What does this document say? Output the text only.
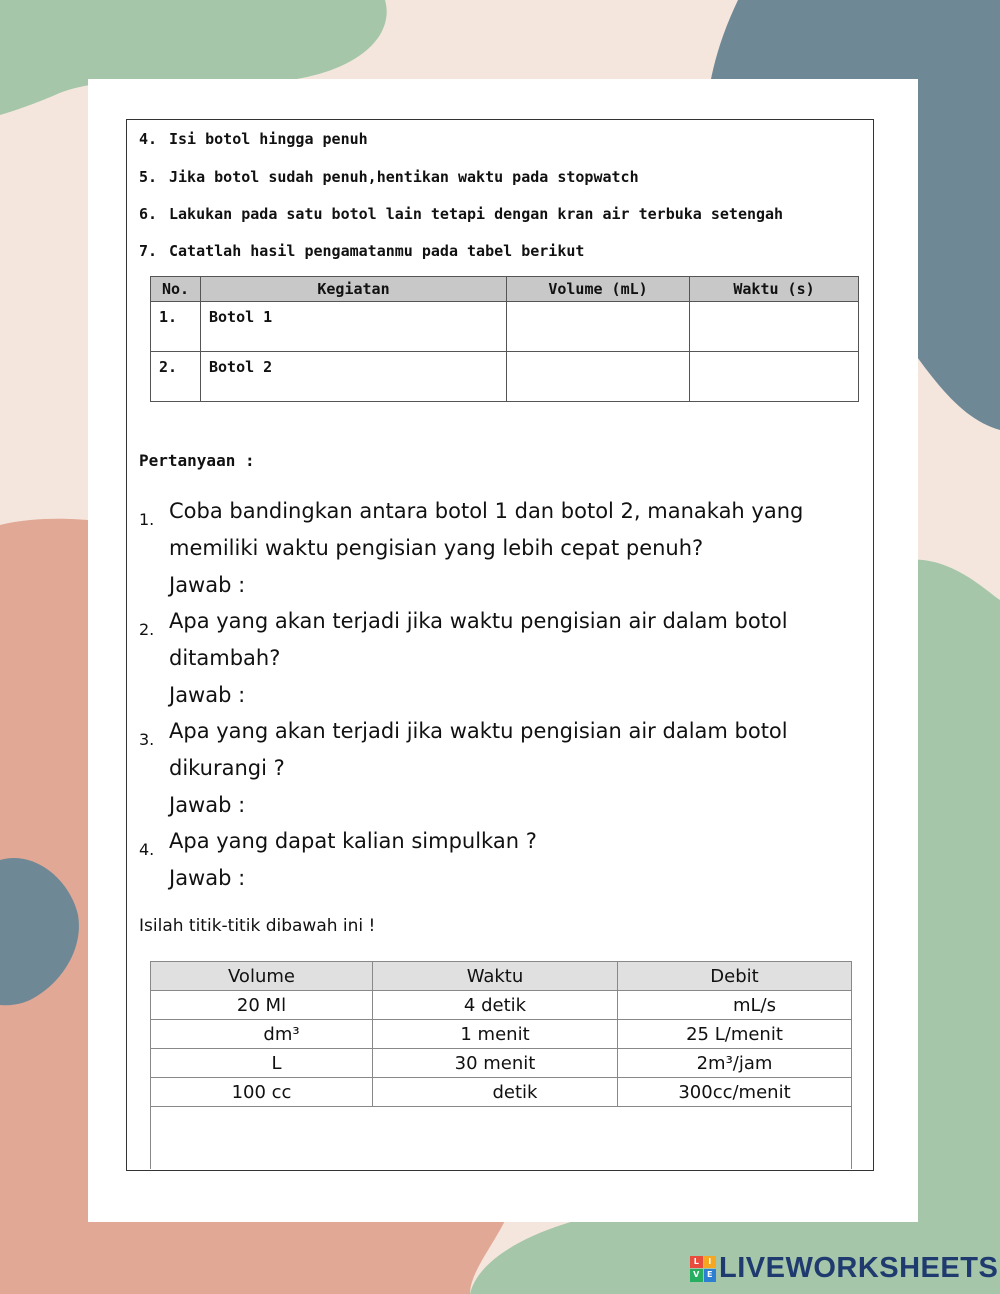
4. Isi botol hingga penuh
5. Jika botol sudah penuh,hentikan waktu pada stopwatch
6. Lakukan pada satu botol lain tetapi dengan kran air terbuka setengah
7. Catatlah hasil pengamatanmu pada tabel berikut
No.	Kegiatan	Volume (mL)	Waktu (s)
1.	Botol 1		
2.	Botol 2		
Pertanyaan :
1. Coba bandingkan antara botol 1 dan botol 2, manakah yang
memiliki waktu pengisian yang lebih cepat penuh?
Jawab :
2. Apa yang akan terjadi jika waktu pengisian air dalam botol
ditambah?
Jawab :
3. Apa yang akan terjadi jika waktu pengisian air dalam botol
dikurangi ?
Jawab :
4. Apa yang dapat kalian simpulkan ?
Jawab :
Isilah titik-titik dibawah ini !
Volume	Waktu	Debit
20 Ml	4 detik	mL/s
dm³	1 menit	25 L/menit
L	30 menit	2m³/jam
100 cc	detik	300cc/menit

L	I
V E LIVEWORKSHEETS
